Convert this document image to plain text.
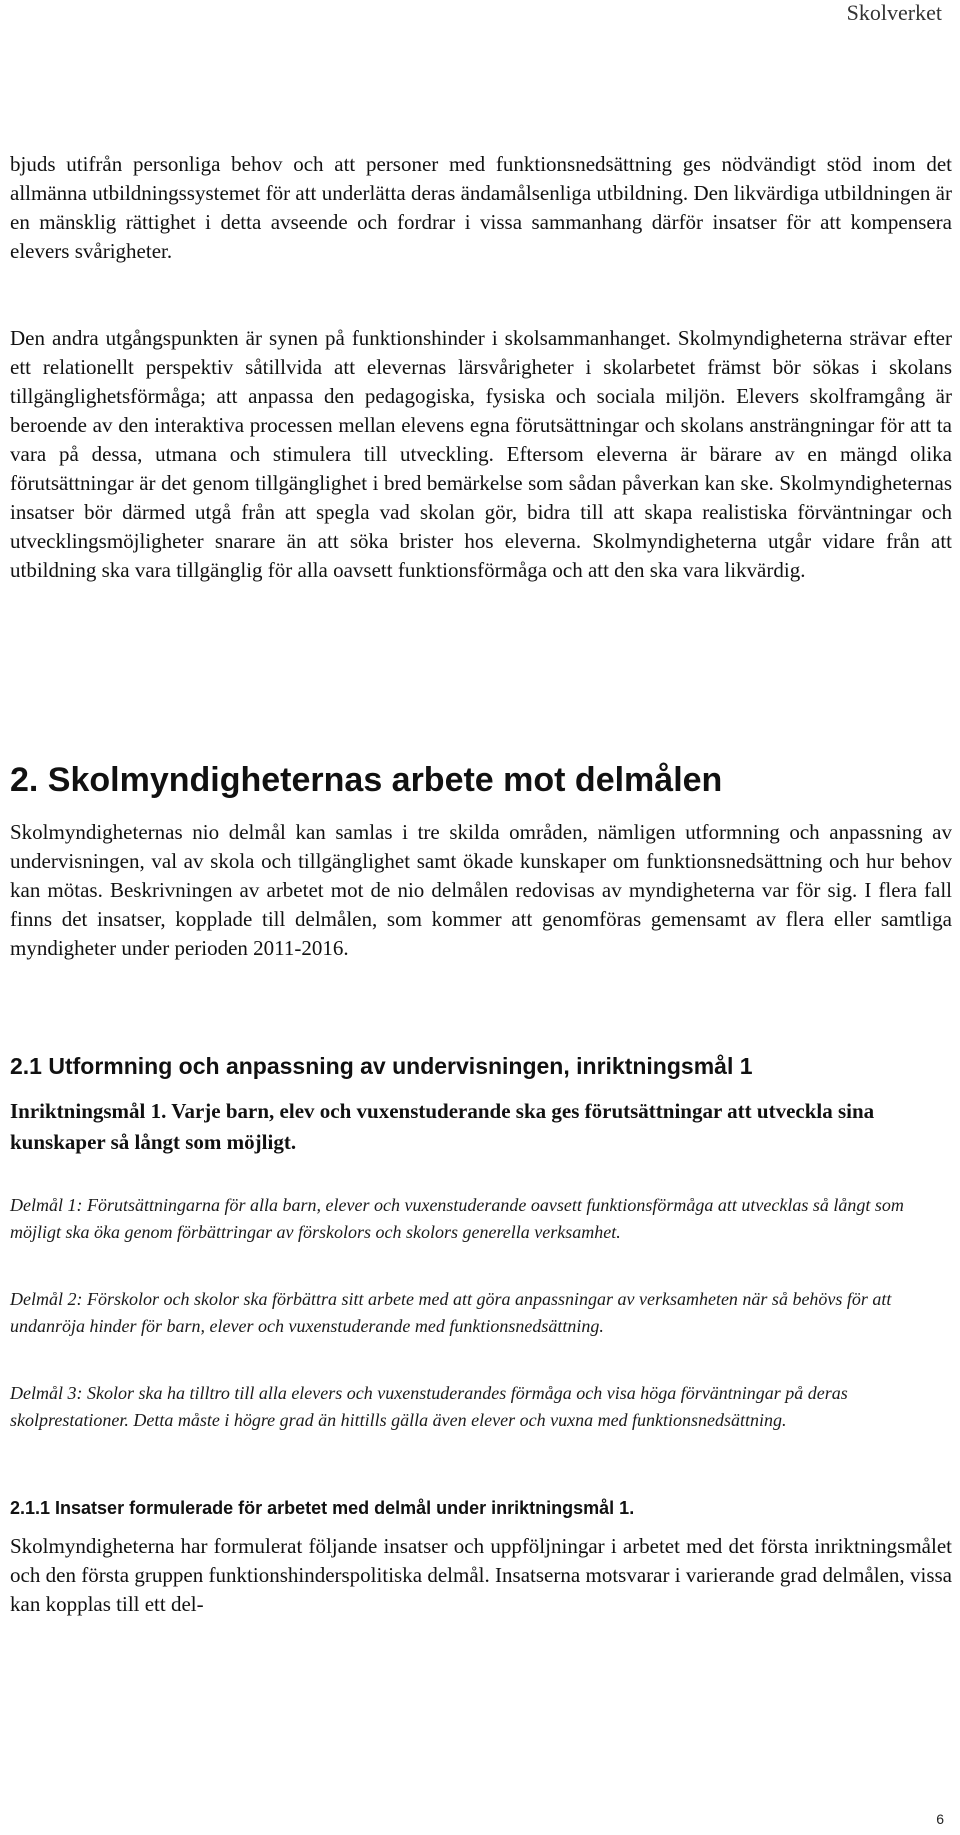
Skolverket

bjuds utifrån personliga behov och att personer med funktionsnedsättning ges nödvändigt stöd inom det allmänna utbildningssystemet för att underlätta deras ändamålsenliga utbildning. Den likvärdiga utbildningen är en mänsklig rättighet i detta avseende och fordrar i vissa sammanhang därför insatser för att kompensera elevers svårigheter.

Den andra utgångspunkten är synen på funktionshinder i skolsammanhanget. Skolmyndigheterna strävar efter ett relationellt perspektiv såtillvida att elevernas lärsvårigheter i skolarbetet främst bör sökas i skolans tillgänglighetsförmåga; att anpassa den pedagogiska, fysiska och sociala miljön. Elevers skolframgång är beroende av den interaktiva processen mellan elevens egna förutsättningar och skolans ansträngningar för att ta vara på dessa, utmana och stimulera till utveckling. Eftersom eleverna är bärare av en mängd olika förutsättningar är det genom tillgänglighet i bred bemärkelse som sådan påverkan kan ske. Skolmyndigheternas insatser bör därmed utgå från att spegla vad skolan gör, bidra till att skapa realistiska förväntningar och utvecklingsmöjligheter snarare än att söka brister hos eleverna. Skolmyndigheterna utgår vidare från att utbildning ska vara tillgänglig för alla oavsett funktionsförmåga och att den ska vara likvärdig.

2. Skolmyndigheternas arbete mot delmålen

Skolmyndigheternas nio delmål kan samlas i tre skilda områden, nämligen utformning och anpassning av undervisningen, val av skola och tillgänglighet samt ökade kunskaper om funktionsnedsättning och hur behov kan mötas. Beskrivningen av arbetet mot de nio delmålen redovisas av myndigheterna var för sig. I flera fall finns det insatser, kopplade till delmålen, som kommer att genomföras gemensamt av flera eller samtliga myndigheter under perioden 2011-2016.

2.1 Utformning och anpassning av undervisningen, inriktningsmål 1

Inriktningsmål 1. Varje barn, elev och vuxenstuderande ska ges förutsättningar att utveckla sina kunskaper så långt som möjligt.

Delmål 1: Förutsättningarna för alla barn, elever och vuxenstuderande oavsett funktionsförmåga att utvecklas så långt som möjligt ska öka genom förbättringar av förskolors och skolors generella verksamhet.

Delmål 2: Förskolor och skolor ska förbättra sitt arbete med att göra anpassningar av verksamheten när så behövs för att undanröja hinder för barn, elever och vuxenstuderande med funktionsnedsättning.

Delmål 3: Skolor ska ha tilltro till alla elevers och vuxenstuderandes förmåga och visa höga förväntningar på deras skolprestationer. Detta måste i högre grad än hittills gälla även elever och vuxna med funktionsnedsättning.

2.1.1 Insatser formulerade för arbetet med delmål under inriktningsmål 1.

Skolmyndigheterna har formulerat följande insatser och uppföljningar i arbetet med det första inriktningsmålet och den första gruppen funktionshinderspolitiska delmål. Insatserna motsvarar i varierande grad delmålen, vissa kan kopplas till ett del-

6
